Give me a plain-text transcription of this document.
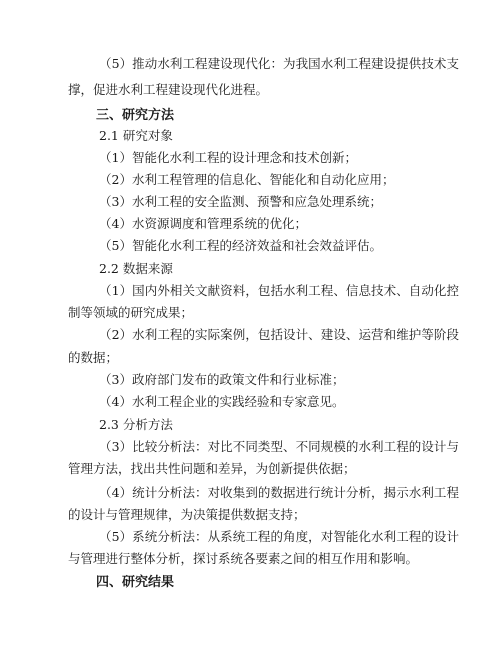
（5）推动水利工程建设现代化：为我国水利工程建设提供技术支
撑，促进水利工程建设现代化进程。
三、研究方法
2.1 研究对象
（1）智能化水利工程的设计理念和技术创新；
（2）水利工程管理的信息化、智能化和自动化应用；
（3）水利工程的安全监测、预警和应急处理系统；
（4）水资源调度和管理系统的优化；
（5）智能化水利工程的经济效益和社会效益评估。
2.2 数据来源
（1）国内外相关文献资料，包括水利工程、信息技术、自动化控
制等领域的研究成果；
（2）水利工程的实际案例，包括设计、建设、运营和维护等阶段
的数据；
（3）政府部门发布的政策文件和行业标准；
（4）水利工程企业的实践经验和专家意见。
2.3 分析方法
（3）比较分析法：对比不同类型、不同规模的水利工程的设计与
管理方法，找出共性问题和差异，为创新提供依据；
（4）统计分析法：对收集到的数据进行统计分析，揭示水利工程
的设计与管理规律，为决策提供数据支持；
（5）系统分析法：从系统工程的角度，对智能化水利工程的设计
与管理进行整体分析，探讨系统各要素之间的相互作用和影响。
四、研究结果
